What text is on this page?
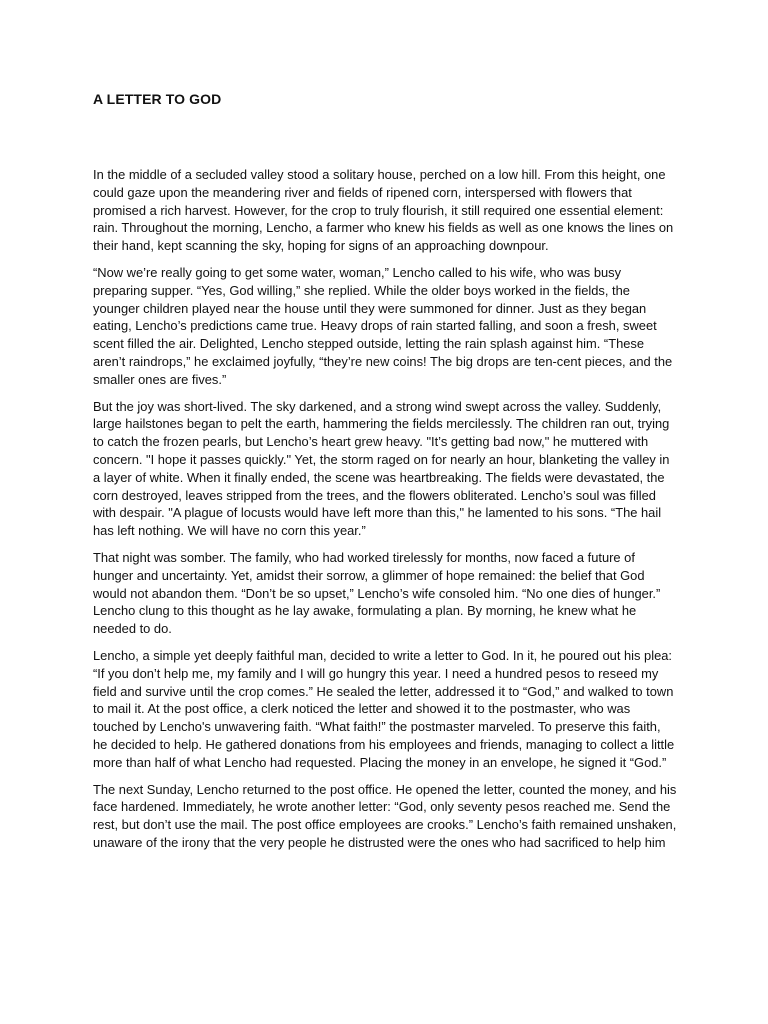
A LETTER TO GOD

In the middle of a secluded valley stood a solitary house, perched on a low hill. From this height, one could gaze upon the meandering river and fields of ripened corn, interspersed with flowers that promised a rich harvest. However, for the crop to truly flourish, it still required one essential element: rain. Throughout the morning, Lencho, a farmer who knew his fields as well as one knows the lines on their hand, kept scanning the sky, hoping for signs of an approaching downpour.

“Now we’re really going to get some water, woman,” Lencho called to his wife, who was busy preparing supper. “Yes, God willing,” she replied. While the older boys worked in the fields, the younger children played near the house until they were summoned for dinner. Just as they began eating, Lencho’s predictions came true. Heavy drops of rain started falling, and soon a fresh, sweet scent filled the air. Delighted, Lencho stepped outside, letting the rain splash against him. “These aren’t raindrops,” he exclaimed joyfully, “they’re new coins! The big drops are ten-cent pieces, and the smaller ones are fives.”

But the joy was short-lived. The sky darkened, and a strong wind swept across the valley. Suddenly, large hailstones began to pelt the earth, hammering the fields mercilessly. The children ran out, trying to catch the frozen pearls, but Lencho’s heart grew heavy. "It’s getting bad now," he muttered with concern. "I hope it passes quickly." Yet, the storm raged on for nearly an hour, blanketing the valley in a layer of white. When it finally ended, the scene was heartbreaking. The fields were devastated, the corn destroyed, leaves stripped from the trees, and the flowers obliterated. Lencho’s soul was filled with despair. "A plague of locusts would have left more than this," he lamented to his sons. “The hail has left nothing. We will have no corn this year.”

That night was somber. The family, who had worked tirelessly for months, now faced a future of hunger and uncertainty. Yet, amidst their sorrow, a glimmer of hope remained: the belief that God would not abandon them. “Don’t be so upset,” Lencho’s wife consoled him. “No one dies of hunger.” Lencho clung to this thought as he lay awake, formulating a plan. By morning, he knew what he needed to do.

Lencho, a simple yet deeply faithful man, decided to write a letter to God. In it, he poured out his plea: “If you don’t help me, my family and I will go hungry this year. I need a hundred pesos to reseed my field and survive until the crop comes.” He sealed the letter, addressed it to “God,” and walked to town to mail it. At the post office, a clerk noticed the letter and showed it to the postmaster, who was touched by Lencho's unwavering faith. “What faith!” the postmaster marveled. To preserve this faith, he decided to help. He gathered donations from his employees and friends, managing to collect a little more than half of what Lencho had requested. Placing the money in an envelope, he signed it “God.”

The next Sunday, Lencho returned to the post office. He opened the letter, counted the money, and his face hardened. Immediately, he wrote another letter: “God, only seventy pesos reached me. Send the rest, but don’t use the mail. The post office employees are crooks.” Lencho’s faith remained unshaken, unaware of the irony that the very people he distrusted were the ones who had sacrificed to help him
